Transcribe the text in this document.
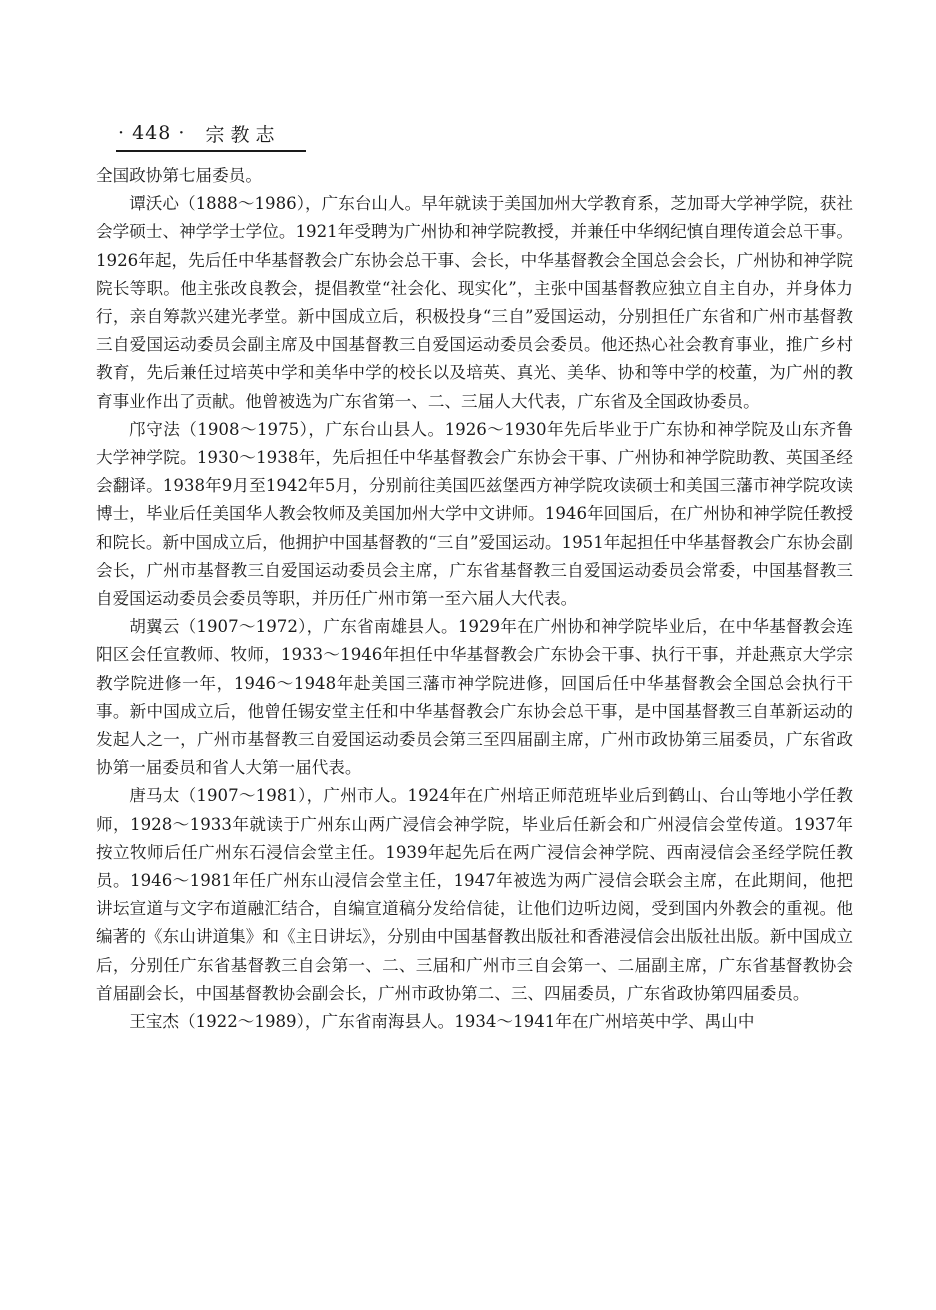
· 448 · 宗教志

全国政协第七届委员。

谭沃心（1888～1986），广东台山人。早年就读于美国加州大学教育系，芝加哥大学神学院，获社会学硕士、神学学士学位。1921年受聘为广州协和神学院教授，并兼任中华纲纪慎自理传道会总干事。1926年起，先后任中华基督教会广东协会总干事、会长，中华基督教会全国总会会长，广州协和神学院院长等职。他主张改良教会，提倡教堂“社会化、现实化”，主张中国基督教应独立自主自办，并身体力行，亲自筹款兴建光孝堂。新中国成立后，积极投身“三自”爱国运动，分别担任广东省和广州市基督教三自爱国运动委员会副主席及中国基督教三自爱国运动委员会委员。他还热心社会教育事业，推广乡村教育，先后兼任过培英中学和美华中学的校长以及培英、真光、美华、协和等中学的校董，为广州的教育事业作出了贡献。他曾被选为广东省第一、二、三届人大代表，广东省及全国政协委员。

邝守法（1908～1975），广东台山县人。1926～1930年先后毕业于广东协和神学院及山东齐鲁大学神学院。1930～1938年，先后担任中华基督教会广东协会干事、广州协和神学院助教、英国圣经会翻译。1938年9月至1942年5月，分别前往美国匹兹堡西方神学院攻读硕士和美国三藩市神学院攻读博士，毕业后任美国华人教会牧师及美国加州大学中文讲师。1946年回国后，在广州协和神学院任教授和院长。新中国成立后，他拥护中国基督教的“三自”爱国运动。1951年起担任中华基督教会广东协会副会长，广州市基督教三自爱国运动委员会主席，广东省基督教三自爱国运动委员会常委，中国基督教三自爱国运动委员会委员等职，并历任广州市第一至六届人大代表。

胡翼云（1907～1972），广东省南雄县人。1929年在广州协和神学院毕业后，在中华基督教会连阳区会任宣教师、牧师，1933～1946年担任中华基督教会广东协会干事、执行干事，并赴燕京大学宗教学院进修一年，1946～1948年赴美国三藩市神学院进修，回国后任中华基督教会全国总会执行干事。新中国成立后，他曾任锡安堂主任和中华基督教会广东协会总干事，是中国基督教三自革新运动的发起人之一，广州市基督教三自爱国运动委员会第三至四届副主席，广州市政协第三届委员，广东省政协第一届委员和省人大第一届代表。

唐马太（1907～1981），广州市人。1924年在广州培正师范班毕业后到鹤山、台山等地小学任教师，1928～1933年就读于广州东山两广浸信会神学院，毕业后任新会和广州浸信会堂传道。1937年按立牧师后任广州东石浸信会堂主任。1939年起先后在两广浸信会神学院、西南浸信会圣经学院任教员。1946～1981年任广州东山浸信会堂主任，1947年被选为两广浸信会联会主席，在此期间，他把讲坛宣道与文字布道融汇结合，自编宣道稿分发给信徒，让他们边听边阅，受到国内外教会的重视。他编著的《东山讲道集》和《主日讲坛》，分别由中国基督教出版社和香港浸信会出版社出版。新中国成立后，分别任广东省基督教三自会第一、二、三届和广州市三自会第一、二届副主席，广东省基督教协会首届副会长，中国基督教协会副会长，广州市政协第二、三、四届委员，广东省政协第四届委员。

王宝杰（1922～1989），广东省南海县人。1934～1941年在广州培英中学、禺山中
